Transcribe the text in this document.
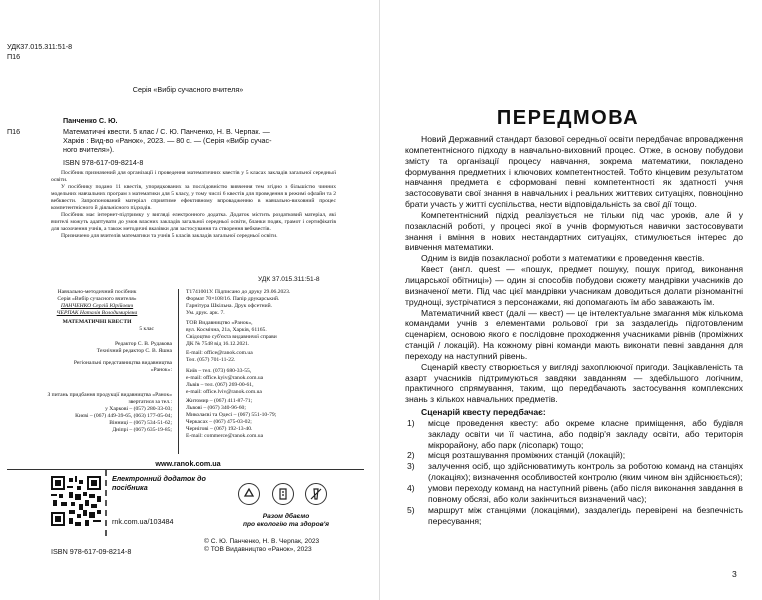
УДК37.015.311:51-8
П16
Серія «Вибір сучасного вчителя»
Панченко С. Ю.
П16	Математичні квести. 5 клас / С. Ю. Панченко, Н. В. Черпак. —
Харків : Вид-во «Ранок», 2023. — 80 с. — (Серія «Вибір сучас-
ного вчителя»).
ISBN 978-617-09-8214-8
Посібник призначений для організації і проведення математичних квестів у 5 класах закладів загальної середньої освіти.
У посібнику подано 11 квестів, упорядкованих за послідовністю вивчення тем згідно з більшістю чинних модельних навчальних програм з математики для 5 класу, у тому числі 6 квестів для проведення в режимі офлайн та 2 вебквести. Запропонований матеріал сприятиме ефективному впровадженню в навчально-виховний процес компетентнісного й діяльнісного підходів.
Посібник має інтернет-підтримку у вигляді електронного додатка. Додаток містить роздатковий матеріал, які вчителі можуть адаптувати до умов власних закладів загальної середньої освіти, бланки подяк, грамот і сертифікатів для заохочення учнів, а також методичні вказівки для застосування та створення вебквестів.
Призначено для вчителів математики та учнів 5 класів закладів загальної середньої освіти.
УДК 37.015.311:51-8
Навчально-методичний посібник
Серія «Вибір сучасного вчителя»
ПАНЧЕНКО Сергій Юрійович
ЧЕРПАК Наталія Володимирівна
МАТЕМАТИЧНІ КВЕСТИ
5 клас
Редактор С. В. Рудакова
Технічний редактор С. В. Яшна
Регіональні представництва видавництва «Ранок»:
З питань придбання продукції видавництва «Ранок» звертатися за тел.:
у Харкові – (057) 280-33-03;
Києві – (067) 449-39-65, (063) 177-05-04;
Вінниці – (067) 534-51-62;
Дніпрі – (067) 635-19-85;
Т1741001У. Підписано до друку 29.06.2023.
Формат 70×108/16. Папір друкарський.
Гарнітура Шкільна. Друк офсетний.
Ум. друк. арк. 7.
ТОВ Видавництво «Ранок»,
вул. Космічна, 21а, Харків, 61165.
Свідоцтво суб'єкта видавничої справи
ДК № 7548 від 16.12.2021.
E-mail: office@ranok.com.ua
Тел. (057) 701-11-22.
Київ – тел. (073) 680-33-55,
e-mail: office.kyiv@ranok.com.ua
Львів – тел. (067) 269-00-61,
e-mail: office.lviv@ranok.com.ua
Житомир – (067) 411-87-71;
Львові – (067) 340-96-60;
Миколаєві та Одесі – (067) 551-10-79;
Черкасах – (067) 475-03-02;
Чернігові – (067) 192-13-40.
E-mail: commerce@ranok.com.ua
www.ranok.com.ua
Електронний додаток до посібника
rnk.com.ua/103484
Разом дбаємо
про екологію та здоров'я
© С. Ю. Панченко, Н. В. Черпак, 2023
© ТОВ Видавництво «Ранок», 2023
ISBN 978-617-09-8214-8
ПЕРЕДМОВА

Новий Державний стандарт базової середньої освіти передбачає впровадження компетентнісного підходу в навчально-виховний процес. Отже, в основу побудови змісту та організації процесу навчання, зокрема математики, покладено формування предметних і ключових компетентностей. Тобто кінцевим результатом навчання предмета є сформовані певні компетентності як здатності учня застосовувати свої знання в навчальних і реальних життєвих ситуаціях, повноцінно брати участь у житті суспільства, нести відповідальність за свої дії тощо.

Компетентнісний підхід реалізується не тільки під час уроків, але й у позакласній роботі, у процесі якої в учнів формуються навички застосовувати знання і вміння в нових нестандартних ситуаціях, стимулюється інтерес до вивчення математики.

Одним із видів позакласної роботи з математики є проведення квестів.

Квест (англ. quest — «пошук, предмет пошуку, пошук пригод, виконання лицарської обітниці») — один зі способів побудови сюжету мандрівки учасників до визначеної мети. Під час цієї мандрівки учасникам доводиться долати різноманітні труднощі, зустрічатися з персонажами, які допомагають їм або заважають їм.

Математичний квест (далі — квест) — це інтелектуальне змагання між кількома командами учнів з елементами рольової гри за заздалегідь підготовленим сценарієм, основою якого є послідовне проходження учасниками рівнів (проміжних станцій / локацій). На кожному рівні команди мають виконати певні завдання для переходу на наступний рівень.

Сценарій квесту створюється у вигляді захоплюючої пригоди. Зацікавленість та азарт учасників підтримуються завдяки завданням — здебільшого логічним, практичного спрямування, таким, що передбачають застосування комплексних знань з кількох навчальних предметів.

Сценарій квесту передбачає:

1) місце проведення квесту: або окреме класне приміщення, або будівля закладу освіти чи її частина, або подвір'я закладу освіти, або територія мікрорайону, або парк (лісопарк) тощо;
2) місця розташування проміжних станцій (локацій);
3) залучення осіб, що здійснюватимуть контроль за роботою команд на станціях (локаціях); визначення особливостей контролю (яким чином він здійснюється);
4) умови переходу команд на наступний рівень (або після виконання завдання в повному обсязі, або коли закінчиться визначений час);
5) маршрут між станціями (локаціями), заздалегідь перевірені на безпечність пересування;
3
